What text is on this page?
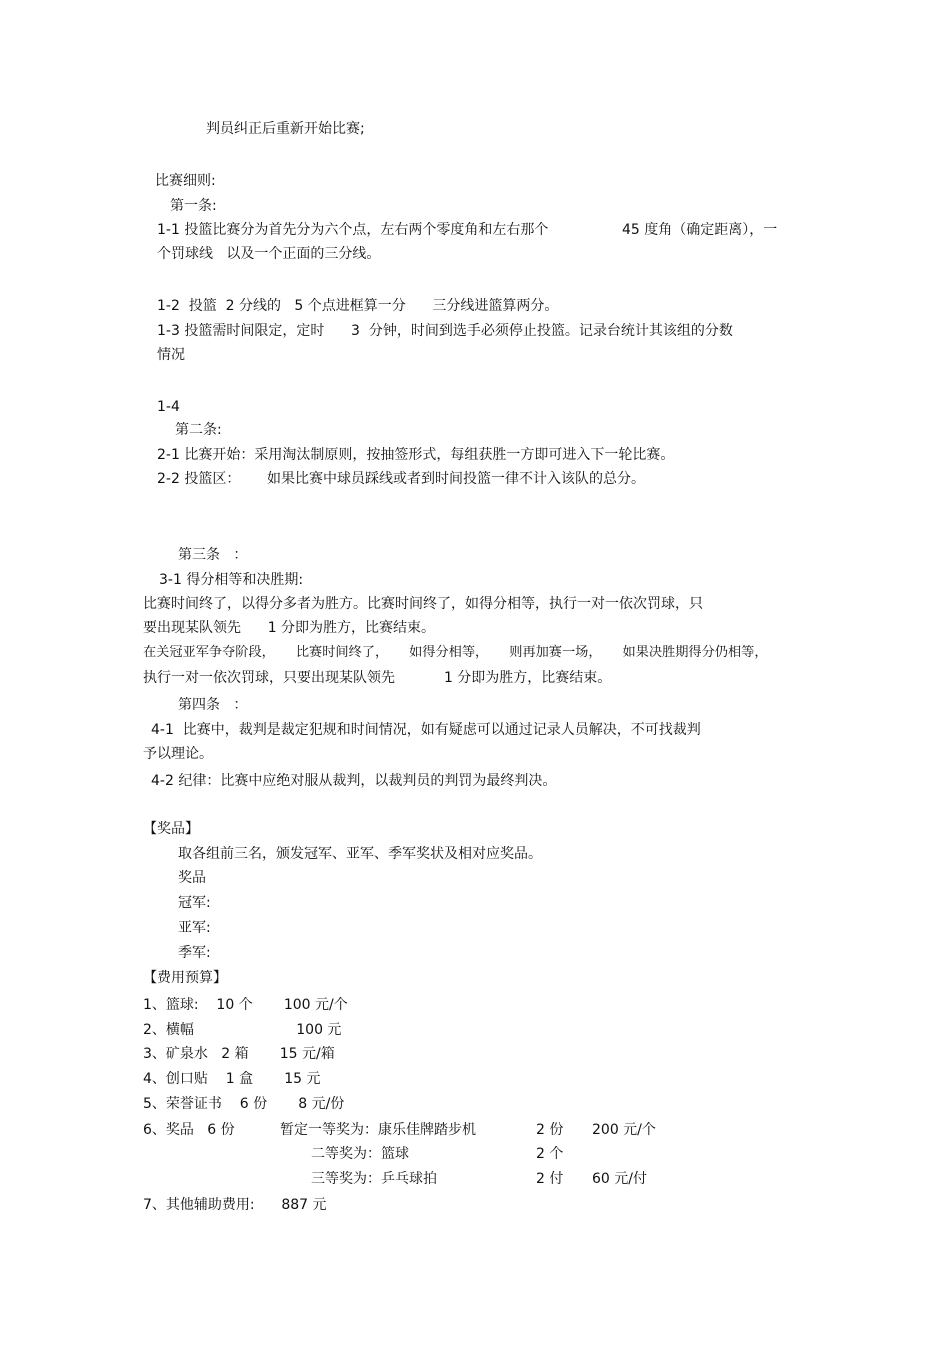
判员纠正后重新开始比赛;
比赛细则:
第一条:
1-1 投篮比赛分为首先分为六个点，左右两个零度角和左右那个	45 度角（确定距离），一
个罚球线   以及一个正面的三分线。
1-2  投篮  2 分线的   5 个点进框算一分      三分线进篮算两分。
1-3 投篮需时间限定，定时      3  分钟，时间到选手必须停止投篮。记录台统计其该组的分数
情况
1-4
第二条:
2-1 比赛开始：采用淘汰制原则，按抽签形式，每组获胜一方即可进入下一轮比赛。
2-2 投篮区：      如果比赛中球员踩线或者到时间投篮一律不计入该队的总分。
第三条   ：
3-1 得分相等和决胜期:
比赛时间终了，以得分多者为胜方。比赛时间终了，如得分相等，执行一对一依次罚球，只
要出现某队领先      1 分即为胜方，比赛结束。
在关冠亚军争夺阶段，     比赛时间终了，     如得分相等，     则再加赛一场，     如果决胜期得分仍相等，
执行一对一依次罚球，只要出现某队领先           1 分即为胜方，比赛结束。
第四条   ：
4-1  比赛中，裁判是裁定犯规和时间情况，如有疑虑可以通过记录人员解决，不可找裁判
予以理论。
4-2 纪律：比赛中应绝对服从裁判，以裁判员的判罚为最终判决。
【奖品】
取各组前三名，颁发冠军、亚军、季军奖状及相对应奖品。
奖品
冠军:
亚军:
季军:
【费用预算】
1、篮球:    10 个       100 元/个
2、横幅                       100 元
3、矿泉水   2 箱       15 元/箱
4、创口贴    1 盒       15 元
5、荣誉证书    6 份       8 元/份
6、奖品   6 份	暂定一等奖为：康乐佳牌踏步机	2 份 200 元/个
二等奖为：篮球	2 个
三等奖为：乒乓球拍	2 付 60 元/付
7、其他辅助费用:      887 元
